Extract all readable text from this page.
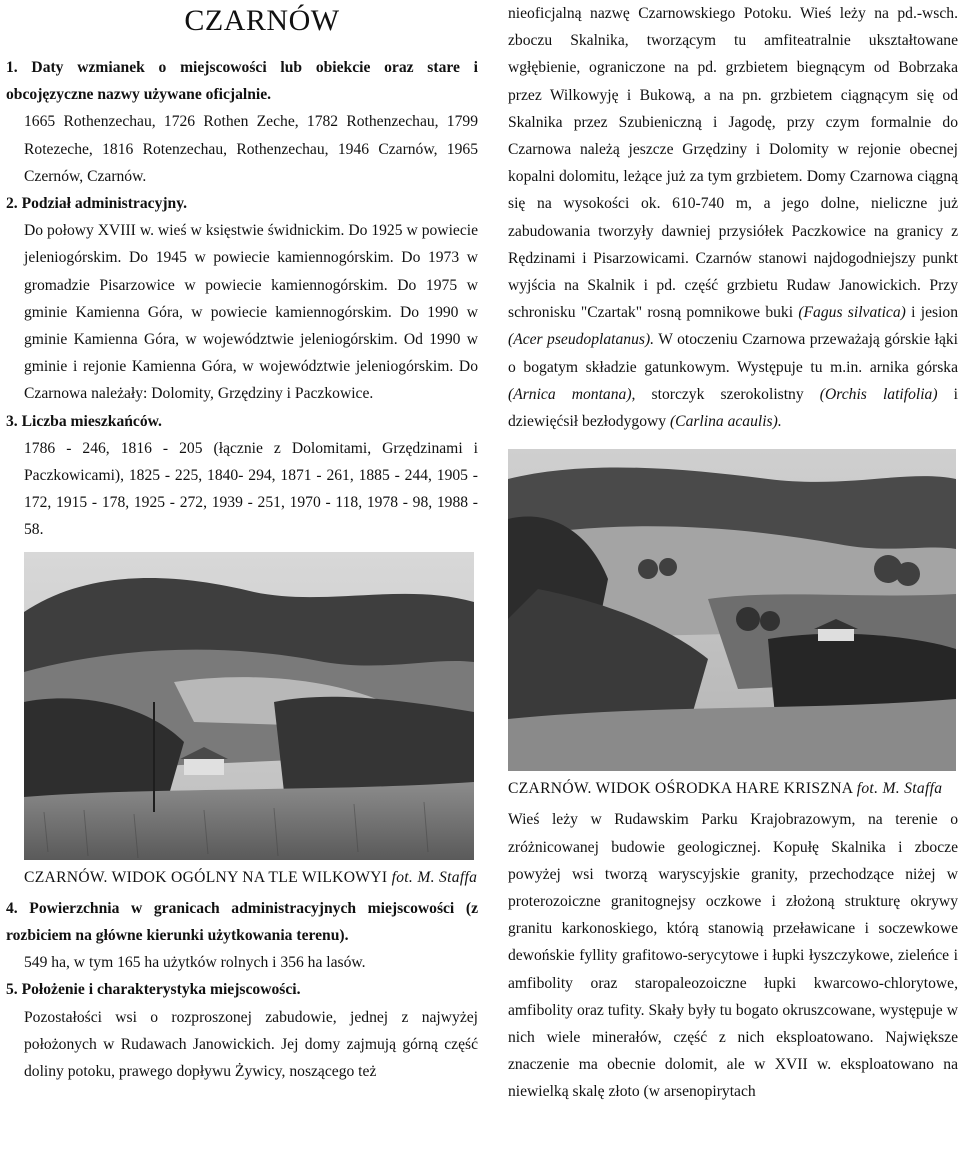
CZARNÓW

1. Daty wzmianek o miejscowości lub obiekcie oraz stare i obcojęzyczne nazwy używane oficjalnie.

1665 Rothenzechau, 1726 Rothen Zeche, 1782 Rothenzechau, 1799 Rotezeche, 1816 Rotenzechau, Rothenzechau, 1946 Czarnów, 1965 Czernów, Czarnów.

2. Podział administracyjny.

Do połowy XVIII w. wieś w księstwie świdnickim. Do 1925 w powiecie jeleniogórskim. Do 1945 w powiecie kamiennogórskim. Do 1973 w gromadzie Pisarzowice w powiecie kamiennogórskim. Do 1975 w gminie Kamienna Góra, w powiecie kamiennogórskim. Do 1990 w gminie Kamienna Góra, w województwie jeleniogórskim. Od 1990 w gminie i rejonie Kamienna Góra, w województwie jeleniogórskim. Do Czarnowa należały: Dolomity, Grzędziny i Paczkowice.

3. Liczba mieszkańców.

1786 - 246, 1816 - 205 (łącznie z Dolomitami, Grzędzinami i Paczkowicami), 1825 - 225, 1840- 294, 1871 - 261, 1885 - 244, 1905 - 172, 1915 - 178, 1925 - 272, 1939 - 251, 1970 - 118, 1978 - 98, 1988 - 58.

CZARNÓW. WIDOK OGÓLNY NA TLE WILKOWYI fot. M. Staffa

4. Powierzchnia w granicach administracyjnych miejscowości (z rozbiciem na główne kierunki użytkowania terenu).

549 ha, w tym 165 ha użytków rolnych i 356 ha lasów.

5. Położenie i charakterystyka miejscowości.

Pozostałości wsi o rozproszonej zabudowie, jednej z najwyżej położonych w Rudawach Janowickich. Jej domy zajmują górną część doliny potoku, prawego dopływu Żywicy, noszącego też

nieoficjalną nazwę Czarnowskiego Potoku. Wieś leży na pd.-wsch. zboczu Skalnika, tworzącym tu amfiteatralnie ukształtowane wgłębienie, ograniczone na pd. grzbietem biegnącym od Bobrzaka przez Wilkowyję i Bukową, a na pn. grzbietem ciągnącym się od Skalnika przez Szubieniczną i Jagodę, przy czym formalnie do Czarnowa należą jeszcze Grzędziny i Dolomity w rejonie obecnej kopalni dolomitu, leżące już za tym grzbietem. Domy Czarnowa ciągną się na wysokości ok. 610-740 m, a jego dolne, nieliczne już zabudowania tworzyły dawniej przysiółek Paczkowice na granicy z Rędzinami i Pisarzowicami. Czarnów stanowi najdogodniejszy punkt wyjścia na Skalnik i pd. część grzbietu Rudaw Janowickich. Przy schronisku "Czartak" rosną pomnikowe buki (Fagus silvatica) i jesion (Acer pseudoplatanus). W otoczeniu Czarnowa przeważają górskie łąki o bogatym składzie gatunkowym. Występuje tu m.in. arnika górska (Arnica montana), storczyk szerokolistny (Orchis latifolia) i dziewięćsił bezłodygowy (Carlina acaulis).

CZARNÓW. WIDOK OŚRODKA HARE KRISZNA fot. M. Staffa

Wieś leży w Rudawskim Parku Krajobrazowym, na terenie o zróżnicowanej budowie geologicznej. Kopułę Skalnika i zbocze powyżej wsi tworzą waryscyjskie granity, przechodzące niżej w proterozoiczne granitognejsy oczkowe i złożoną strukturę okrywy granitu karkonoskiego, którą stanowią przeławicane i soczewkowe dewońskie fyllity grafitowo-serycytowe i łupki łyszczykowe, zieleńce i amfibolity oraz staropaleozoiczne łupki kwarcowo-chlorytowe, amfibolity oraz tufity. Skały były tu bogato okruszcowane, występuje w nich wiele minerałów, część z nich eksploatowano. Największe znaczenie ma obecnie dolomit, ale w XVII w. eksploatowano na niewielką skalę złoto (w arsenopirytach
